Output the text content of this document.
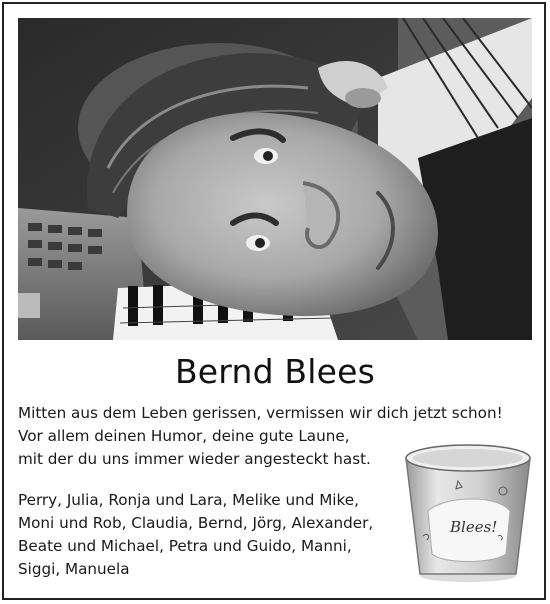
Bernd Blees
Mitten aus dem Leben gerissen, vermissen wir dich jetzt schon!
Vor allem deinen Humor, deine gute Laune,
mit der du uns immer wieder angesteckt hast.
Perry, Julia, Ronja und Lara, Melike und Mike,
Moni und Rob, Claudia, Bernd, Jörg, Alexander,
Beate und Michael, Petra und Guido, Manni,
Siggi, Manuela
Blees!
